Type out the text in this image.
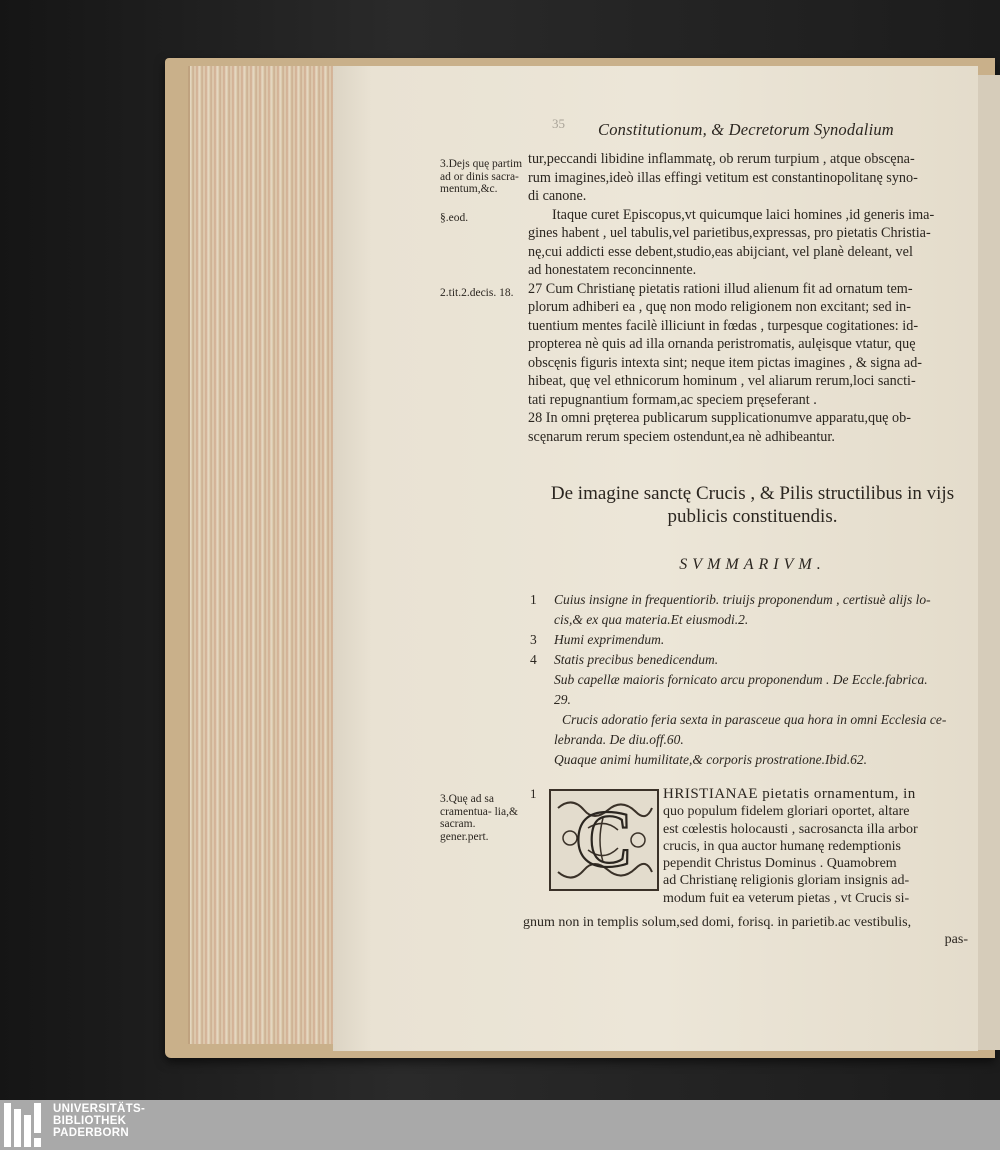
35 Constitutionum, & Decretorum Synodalium
3.Dejs quę partim ad or dinis sacra- mentum,&c.
§.eod.
2.tit.2.decis. 18.
3.Quę ad sa cramentua- lia,& sacram. gener.pert.
tur,peccandi libidine inflammatę, ob rerum turpium , atque obscęna-
rum imagines,ideò illas effingi vetitum est constantinopolitanę syno-
di canone.
Itaque curet Episcopus,vt quicumque laici homines ,id generis ima-
gines habent , uel tabulis,vel parietibus,expressas, pro pietatis Christia-
nę,cui addicti esse debent,studio,eas abijciant, vel planè deleant, vel
ad honestatem reconcinnente.
27 Cum Christianę pietatis rationi illud alienum fit ad ornatum tem-
plorum adhiberi ea , quę non modo religionem non excitant; sed in-
tuentium mentes facilè illiciunt in fœdas , turpesque cogitationes: id-
propterea nè quis ad illa ornanda peristromatis, aulęisque vtatur, quę
obscęnis figuris intexta sint; neque item pictas imagines , & signa ad-
hibeat, quę vel ethnicorum hominum , vel aliarum rerum,loci sancti-
tati repugnantium formam,ac speciem pręseferant .
28 In omni pręterea publicarum supplicationumve apparatu,quę ob-
scęnarum rerum speciem ostendunt,ea nè adhibeantur.
De imagine sanctę Crucis , & Pilis structilibus in vijs
publicis constituendis.
SVMMARIVM.
1	Cuius insigne in frequentiorib. triuijs proponendum , certisuè alijs lo-
cis,& ex qua materia.Et eiusmodi.2.
3	Humi exprimendum.
4	Statis precibus benedicendum.
Sub capellæ maioris fornicato arcu proponendum . De Eccle.fabrica.
29.
Crucis adoratio feria sexta in parasceue qua hora in omni Ecclesia ce-
lebranda. De diu.off.60.
Quaque animi humilitate,& corporis prostratione.Ibid.62.
1 C HRISTIANAE pietatis ornamentum, in
quo populum fidelem gloriari oportet, altare
est cœlestis holocausti , sacrosancta illa arbor
crucis, in qua auctor humanę redemptionis
pependit Christus Dominus . Quamobrem
ad Christianę religionis gloriam insignis ad-
modum fuit ea veterum pietas , vt Crucis si-
gnum non in templis solum,sed domi, forisq. in parietib.ac vestibulis,
pas-
UNIVERSITÄTS-
BIBLIOTHEK
PADERBORN
